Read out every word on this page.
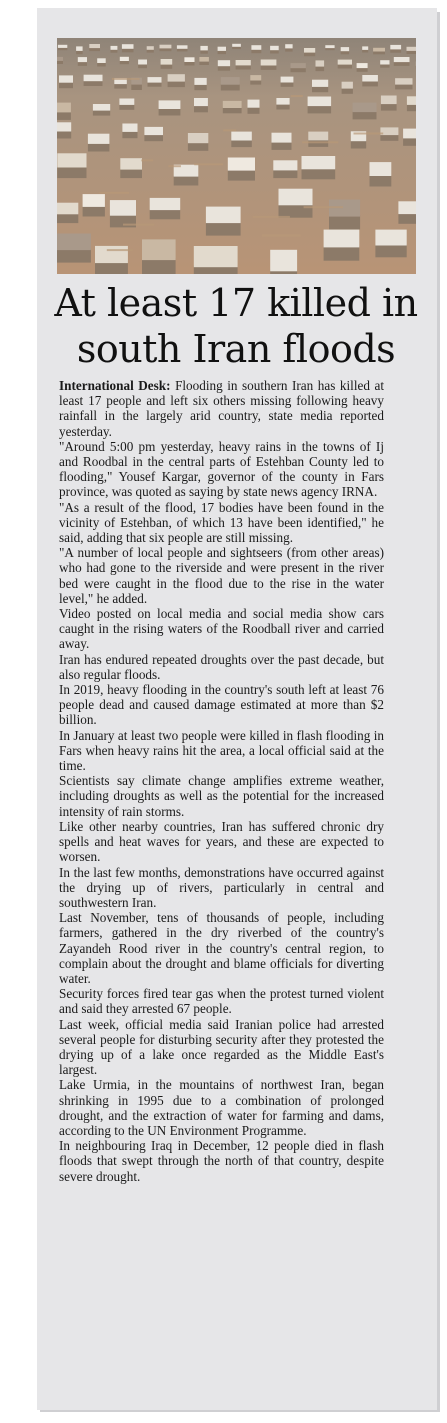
At least 17 killed in south Iran floods

International Desk: Flooding in southern Iran has killed at least 17 people and left six others missing following heavy rainfall in the largely arid country, state media reported yesterday.

"Around 5:00 pm yesterday, heavy rains in the towns of Ij and Roodbal in the central parts of Estehban County led to flooding," Yousef Kargar, governor of the county in Fars province, was quoted as saying by state news agency IRNA.

"As a result of the flood, 17 bodies have been found in the vicinity of Estehban, of which 13 have been identified," he said, adding that six people are still missing.

"A number of local people and sightseers (from other areas) who had gone to the riverside and were present in the river bed were caught in the flood due to the rise in the water level," he added.

Video posted on local media and social media show cars caught in the rising waters of the Roodball river and carried away.

Iran has endured repeated droughts over the past decade, but also regular floods.

In 2019, heavy flooding in the country's south left at least 76 people dead and caused damage estimated at more than $2 billion.

In January at least two people were killed in flash flooding in Fars when heavy rains hit the area, a local official said at the time.

Scientists say climate change amplifies extreme weather, including droughts as well as the potential for the increased intensity of rain storms.

Like other nearby countries, Iran has suffered chronic dry spells and heat waves for years, and these are expected to worsen.

In the last few months, demonstrations have occurred against the drying up of rivers, particularly in central and southwestern Iran.

Last November, tens of thousands of people, including farmers, gathered in the dry riverbed of the country's Zayandeh Rood river in the country's central region, to complain about the drought and blame officials for diverting water.

Security forces fired tear gas when the protest turned violent and said they arrested 67 people.

Last week, official media said Iranian police had arrested several people for disturbing security after they protested the drying up of a lake once regarded as the Middle East's largest.

Lake Urmia, in the mountains of northwest Iran, began shrinking in 1995 due to a combination of prolonged drought, and the extraction of water for farming and dams, according to the UN Environment Programme.

In neighbouring Iraq in December, 12 people died in flash floods that swept through the north of that country, despite severe drought.
